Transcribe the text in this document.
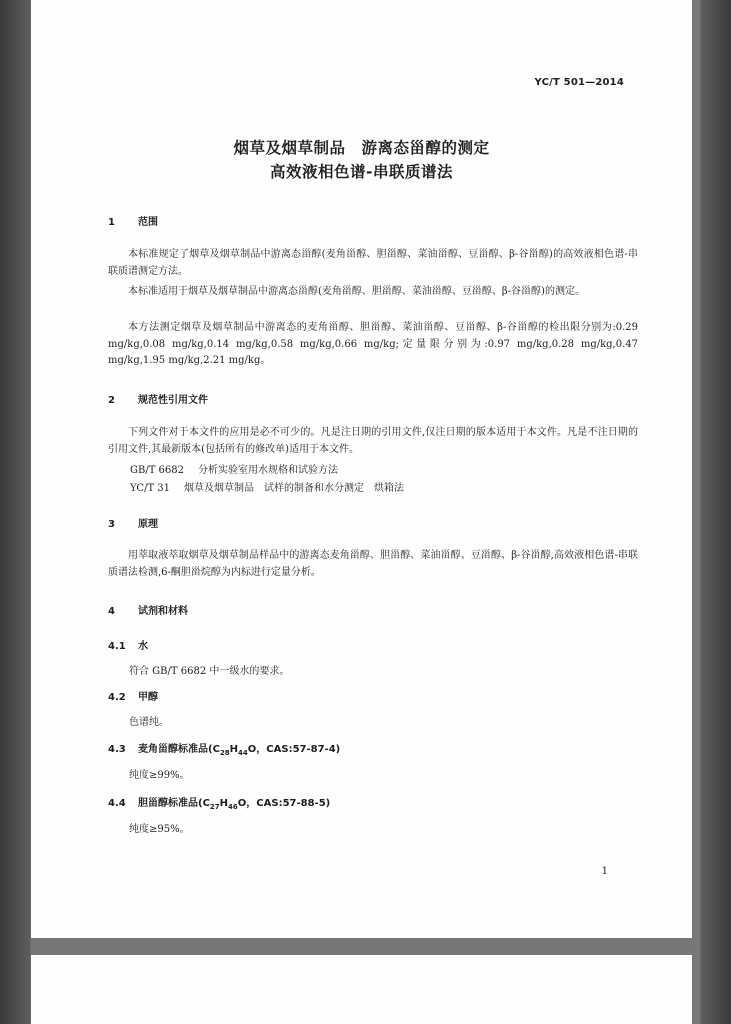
YC/T 501—2014
烟草及烟草制品　游离态甾醇的测定
高效液相色谱-串联质谱法
1 范围
本标准规定了烟草及烟草制品中游离态甾醇(麦角甾醇、胆甾醇、菜油甾醇、豆甾醇、β-谷甾醇)的高效液相色谱-串联质谱测定方法。
本标准适用于烟草及烟草制品中游离态甾醇(麦角甾醇、胆甾醇、菜油甾醇、豆甾醇、β-谷甾醇)的测定。
本方法测定烟草及烟草制品中游离态的麦角甾醇、胆甾醇、菜油甾醇、豆甾醇、β-谷甾醇的检出限分别为:0.29 mg/kg,0.08 mg/kg,0.14 mg/kg,0.58 mg/kg,0.66 mg/kg;定量限分别为:0.97 mg/kg,0.28 mg/kg,0.47 mg/kg,1.95 mg/kg,2.21 mg/kg。
2 规范性引用文件
下列文件对于本文件的应用是必不可少的。凡是注日期的引用文件,仅注日期的版本适用于本文件。凡是不注日期的引用文件,其最新版本(包括所有的修改单)适用于本文件。
GB/T 6682 分析实验室用水规格和试验方法
YC/T 31 烟草及烟草制品　试样的制备和水分测定　烘箱法
3 原理
用萃取液萃取烟草及烟草制品样品中的游离态麦角甾醇、胆甾醇、菜油甾醇、豆甾醇、β-谷甾醇,高效液相色谱-串联质谱法检测,6-酮胆甾烷醇为内标进行定量分析。
4 试剂和材料
4.1 水
符合 GB/T 6682 中一级水的要求。
4.2 甲醇
色谱纯。
4.3 麦角甾醇标准品($C_{28}H_{44}O$，CAS:57-87-4)
纯度≥99%。
4.4 胆甾醇标准品($C_{27}H_{46}O$，CAS:57-88-5)
纯度≥95%。
1
